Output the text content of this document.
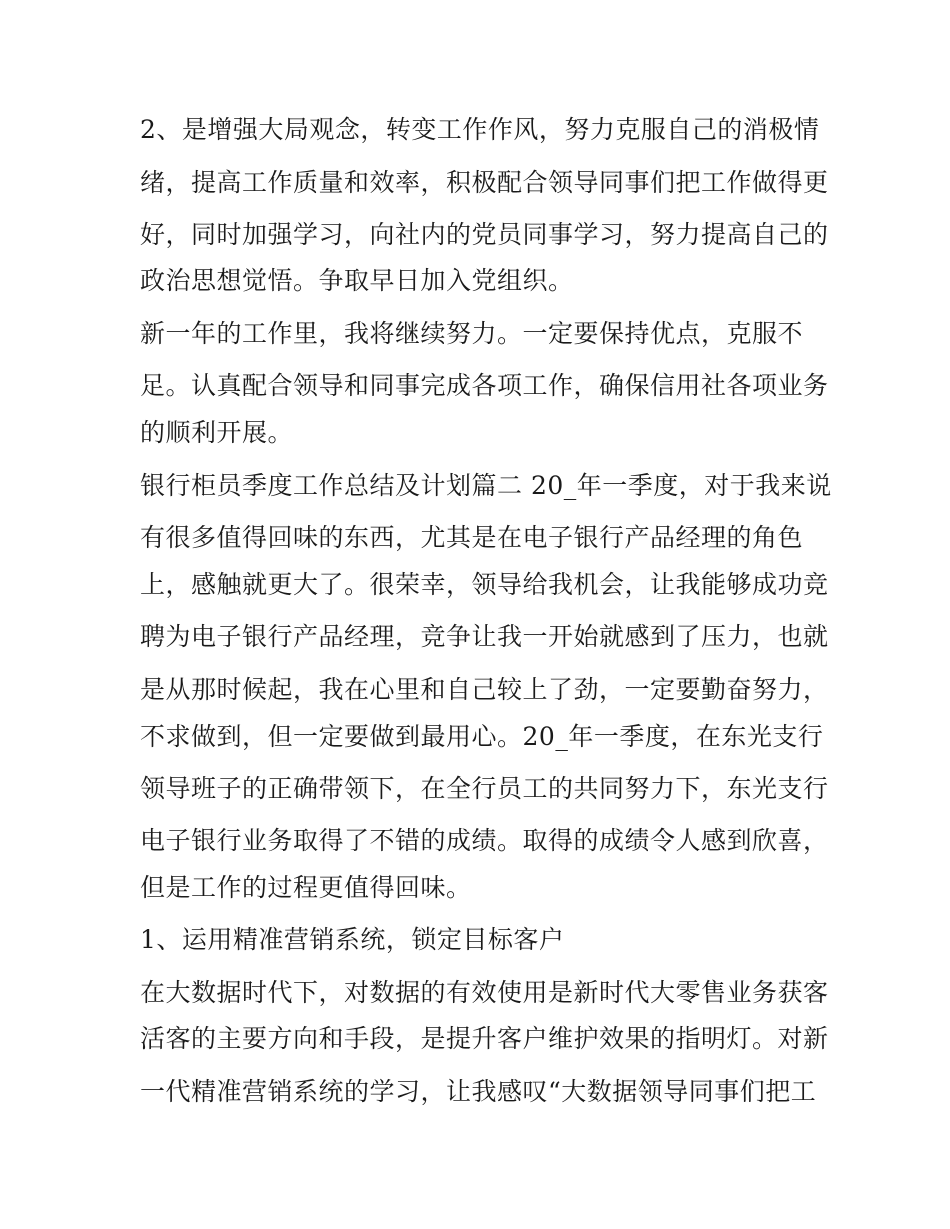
2、是增强大局观念，转变工作作风，努力克服自己的消极情
绪，提高工作质量和效率，积极配合领导同事们把工作做得更
好，同时加强学习，向社内的党员同事学习，努力提高自己的
政治思想觉悟。争取早日加入党组织。
新一年的工作里，我将继续努力。一定要保持优点，克服不
足。认真配合领导和同事完成各项工作，确保信用社各项业务
的顺利开展。
银行柜员季度工作总结及计划篇二 20_年一季度，对于我来说
有很多值得回味的东西，尤其是在电子银行产品经理的角色
上，感触就更大了。很荣幸，领导给我机会，让我能够成功竞
聘为电子银行产品经理，竞争让我一开始就感到了压力，也就
是从那时候起，我在心里和自己较上了劲，一定要勤奋努力，
不求做到，但一定要做到最用心。20_年一季度，在东光支行
领导班子的正确带领下，在全行员工的共同努力下，东光支行
电子银行业务取得了不错的成绩。取得的成绩令人感到欣喜，
但是工作的过程更值得回味。
1、运用精准营销系统，锁定目标客户
在大数据时代下，对数据的有效使用是新时代大零售业务获客
活客的主要方向和手段，是提升客户维护效果的指明灯。对新
一代精准营销系统的学习，让我感叹“大数据领导同事们把工
